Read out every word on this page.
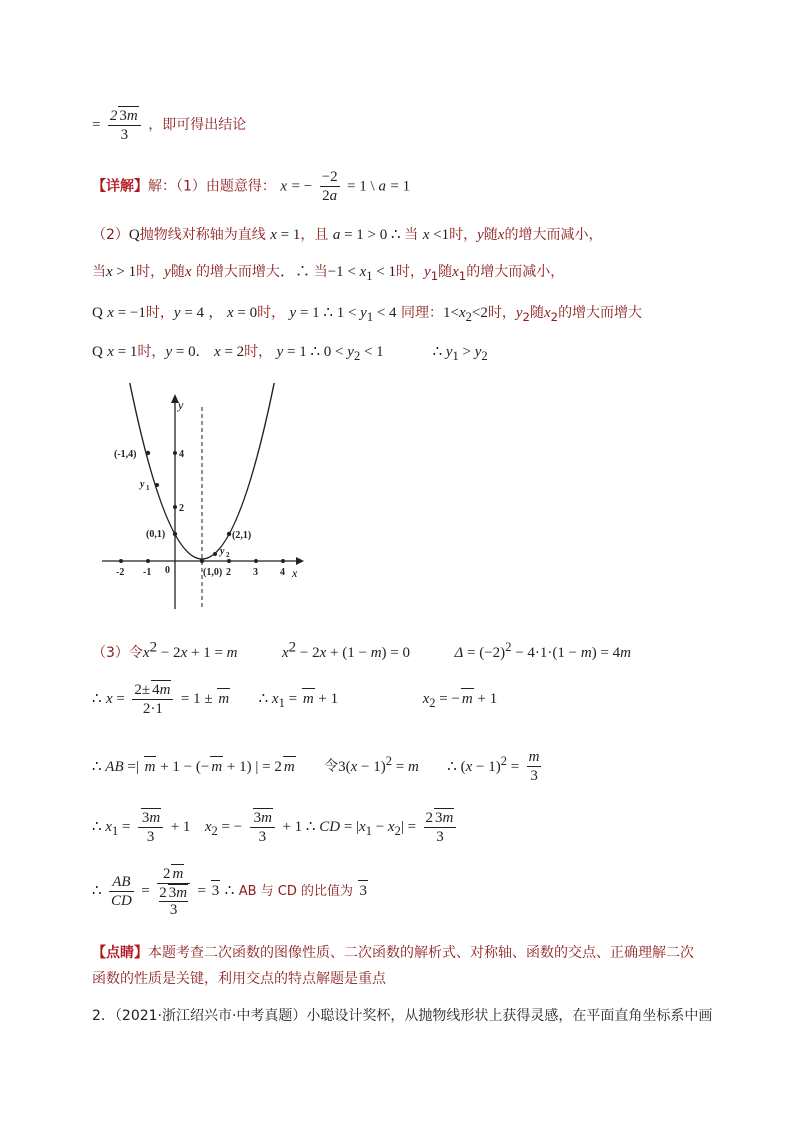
= $\frac{2 3m}{3}$ ，即可得出结论
【详解】解：（1）由题意得： x = − $\frac{-2}{2a} = 1$ \ a = 1
（2）Q抛物线对称轴为直线 x = 1，且 a = 1 > 0 ∴ 当 x <1时，y随x的增大而减小，
当x > 1时，y随x 的增大而增大．∴ 当$-1 < x_1 < 1$时，$y_1$随$x_1$的增大而减小，
Q x = −1时，y = 4 ， x = 0时， y = 1 ∴ $1 < y_1 < 4$ 同理：$1<x_2<2$时，$y_2$随$x_2$的增大而增大
Q x = 1时，y = 0． x = 2时， y = 1 ∴ $0 < y_2 < 1$	∴ $y_1 > y_2$
y
x
-2 -1 0	2 3 4
4
2
(-1,4)
(0,1)	(2,1)
(1,0)
y 1
y 2
（3）令$x^2 - 2x + 1 = m$	$x^2 - 2x + (1 - m) = 0$	$\Delta = (-2)^2 - 4\cdot 1\cdot(1 - m) = 4m$
∴ $x = \frac{2\pm 4m}{2\cdot 1} = 1 \pm m$ ∴ $x_1 = m + 1$	$x_2$ = − m + 1
∴ AB =| m + 1 − (− m + 1) | = 2 m 令$3(x - 1)^2 = m$ ∴ $(x - 1)^2 = \frac{m}{3}$
∴ $x_1 = \frac{3m}{3} + 1$ $x_2$ = − $\frac{3m}{3} + 1$ ∴ CD = $|x_1 - x_2| = \frac{2 3m}{3}$
∴ $\frac{AB}{CD}$ =
2 m
2 3m
3
= 3 ∴ AB 与 CD 的比值为 3
【点睛】本题考查二次函数的图像性质、二次函数的解析式、对称轴、函数的交点、正确理解二次
函数的性质是关键，利用交点的特点解题是重点
2．（2021·浙江绍兴市·中考真题）小聪设计奖杯，从抛物线形状上获得灵感，在平面直角坐标系中画
